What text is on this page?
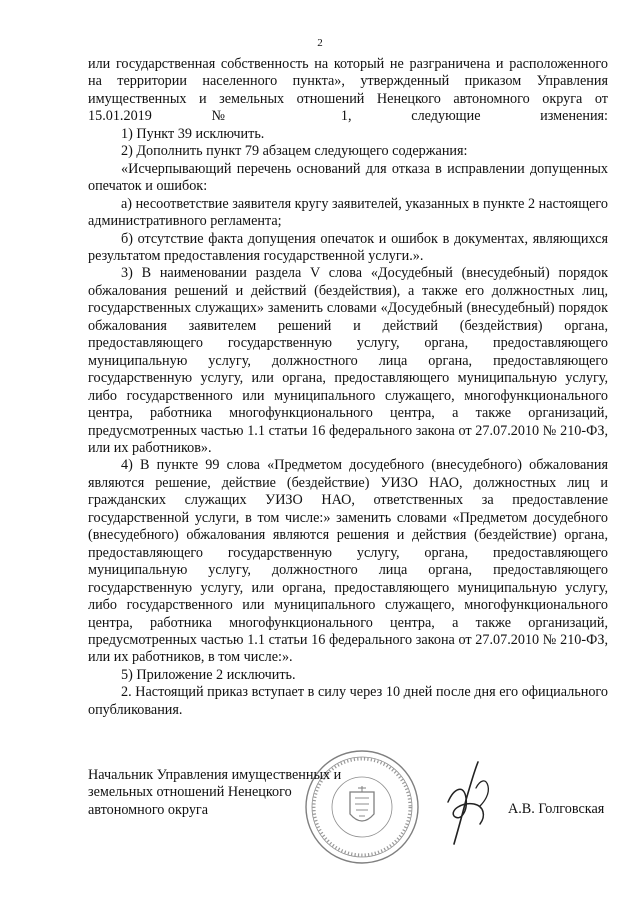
2

или государственная собственность на который не разграничена и расположенного на территории населенного пункта», утвержденный приказом Управления имущественных и земельных отношений Ненецкого автономного округа от 15.01.2019 № 1, следующие изменения:

1) Пункт 39 исключить.

2) Дополнить пункт 79 абзацем следующего содержания:

«Исчерпывающий перечень оснований для отказа в исправлении допущенных опечаток и ошибок:

а) несоответствие заявителя кругу заявителей, указанных в пункте 2 настоящего административного регламента;

б) отсутствие факта допущения опечаток и ошибок в документах, являющихся результатом предоставления государственной услуги.».

3) В наименовании раздела V слова «Досудебный (внесудебный) порядок обжалования решений и действий (бездействия), а также его должностных лиц, государственных служащих» заменить словами «Досудебный (внесудебный) порядок обжалования заявителем решений и действий (бездействия) органа, предоставляющего государственную услугу, органа, предоставляющего муниципальную услугу, должностного лица органа, предоставляющего государственную услугу, или органа, предоставляющего муниципальную услугу, либо государственного или муниципального служащего, многофункционального центра, работника многофункционального центра, а также организаций, предусмотренных частью 1.1 статьи 16 федерального закона от 27.07.2010 № 210-ФЗ, или их работников».

4) В пункте 99 слова «Предметом досудебного (внесудебного) обжалования являются решение, действие (бездействие) УИЗО НАО, должностных лиц и гражданских служащих УИЗО НАО, ответственных за предоставление государственной услуги, в том числе:» заменить словами «Предметом досудебного (внесудебного) обжалования являются решения и действия (бездействие) органа, предоставляющего государственную услугу, органа, предоставляющего муниципальную услугу, должностного лица органа, предоставляющего государственную услугу, или органа, предоставляющего муниципальную услугу, либо государственного или муниципального служащего, многофункционального центра, работника многофункционального центра, а также организаций, предусмотренных частью 1.1 статьи 16 федерального закона от 27.07.2010 № 210-ФЗ, или их работников, в том числе:».

5) Приложение 2 исключить.

2. Настоящий приказ вступает в силу через 10 дней после дня его официального опубликования.

Начальник Управления имущественных и
земельных отношений Ненецкого
автономного округа	А.В. Голговская
